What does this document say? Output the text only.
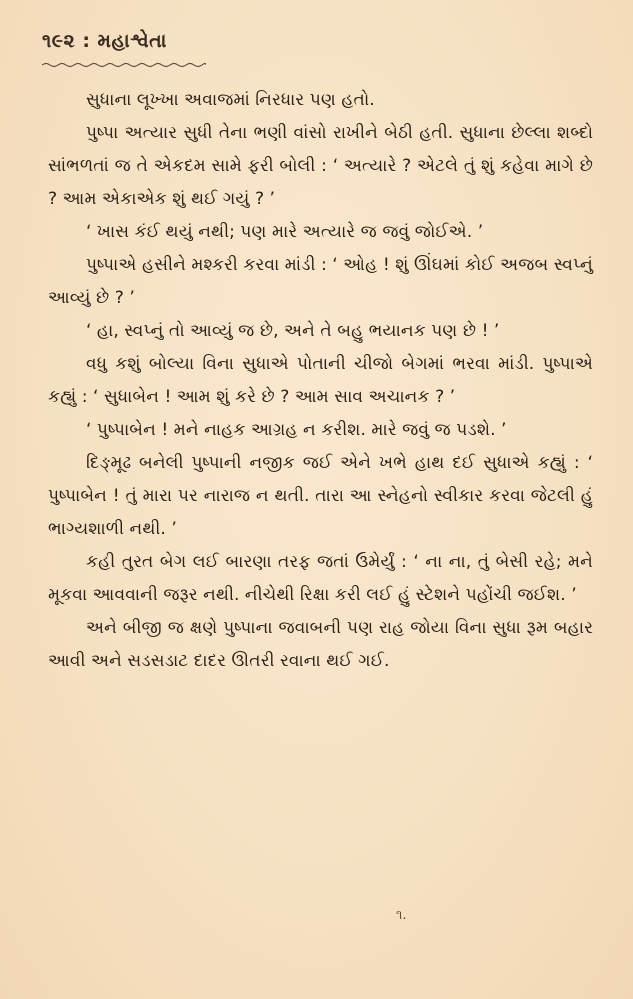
૧૯૨ : મહાશ્વેતા

સુધાના લૂખ્ખા અવાજમાં નિરધાર પણ હતો.

પુષ્પા અત્યાર સુધી તેના ભણી વાંસો રાખીને બેઠી હતી. સુધાના છેલ્લા શબ્દો સાંભળતાં જ તે એકદમ સામે ફરી બોલી : ‘ અત્યારે ? એટલે તું શું કહેવા માગે છે ? આમ એકાએક શું થઈ ગયું ? ’

‘ ખાસ કંઈ થયું નથી; પણ મારે અત્યારે જ જવું જોઈએ. ’

પુષ્પાએ હસીને મશ્કરી કરવા માંડી : ‘ ઓહ ! શું ઊંઘમાં કોઈ અજબ સ્વપ્નું આવ્યું છે ? ’

‘ હા, સ્વપ્નું તો આવ્યું જ છે, અને તે બહુ ભયાનક પણ છે ! ’

વધુ કશું બોલ્યા વિના સુધાએ પોતાની ચીજો બેગમાં ભરવા માંડી. પુષ્પાએ કહ્યું : ‘ સુધાબેન ! આમ શું કરે છે ? આમ સાવ અચાનક ? ’

‘ પુષ્પાબેન ! મને નાહક આગ્રહ ન કરીશ. મારે જવું જ પડશે. ’

દિઙ્મૂઢ બનેલી પુષ્પાની નજીક જઈ એને ખભે હાથ દઈ સુધાએ કહ્યું : ‘ પુષ્પાબેન ! તું મારા પર નારાજ ન થતી. તારા આ સ્નેહનો સ્વીકાર કરવા જેટલી હું ભાગ્યશાળી નથી. ’

કહી તુરત બેગ લઈ બારણા તરફ જતાં ઉમેર્યું : ‘ ના ના, તું બેસી રહે; મને મૂકવા આવવાની જરૂર નથી. નીચેથી રિક્ષા કરી લઈ હું સ્ટેશને પહોંચી જઈશ. ’

અને બીજી જ ક્ષણે પુષ્પાના જવાબની પણ રાહ જોયા વિના સુધા રૂમ બહાર આવી અને સડસડાટ દાદર ઊતરી રવાના થઈ ગઈ.

૧.
